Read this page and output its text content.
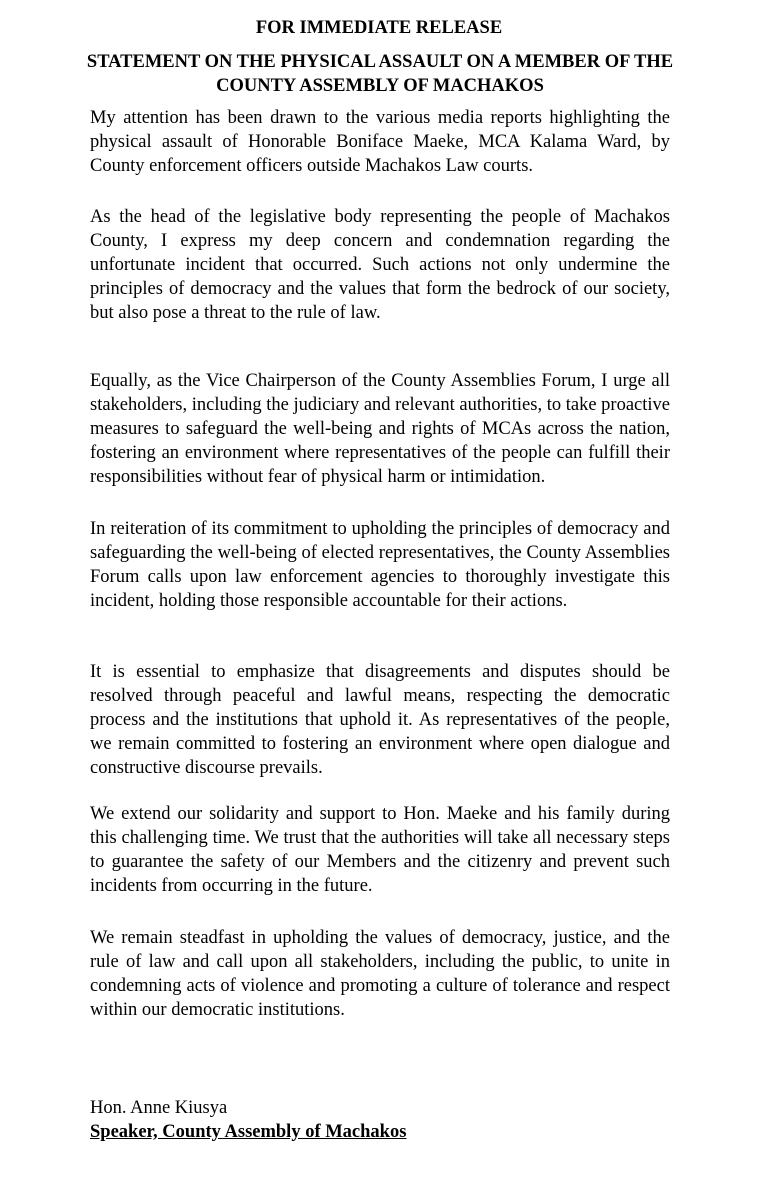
FOR IMMEDIATE RELEASE

STATEMENT ON THE PHYSICAL ASSAULT ON A MEMBER OF THE COUNTY ASSEMBLY OF MACHAKOS

My attention has been drawn to the various media reports highlighting the physical assault of Honorable Boniface Maeke, MCA Kalama Ward, by County enforcement officers outside Machakos Law courts.

As the head of the legislative body representing the people of Machakos County, I express my deep concern and condemnation regarding the unfortunate incident that occurred. Such actions not only undermine the principles of democracy and the values that form the bedrock of our society, but also pose a threat to the rule of law.

Equally, as the Vice Chairperson of the County Assemblies Forum, I urge all stakeholders, including the judiciary and relevant authorities, to take proactive measures to safeguard the well-being and rights of MCAs across the nation, fostering an environment where representatives of the people can fulfill their responsibilities without fear of physical harm or intimidation.

In reiteration of its commitment to upholding the principles of democracy and safeguarding the well-being of elected representatives, the County Assemblies Forum calls upon law enforcement agencies to thoroughly investigate this incident, holding those responsible accountable for their actions.

It is essential to emphasize that disagreements and disputes should be resolved through peaceful and lawful means, respecting the democratic process and the institutions that uphold it. As representatives of the people, we remain committed to fostering an environment where open dialogue and constructive discourse prevails.

We extend our solidarity and support to Hon. Maeke and his family during this challenging time. We trust that the authorities will take all necessary steps to guarantee the safety of our Members and the citizenry and prevent such incidents from occurring in the future.

We remain steadfast in upholding the values of democracy, justice, and the rule of law and call upon all stakeholders, including the public, to unite in condemning acts of violence and promoting a culture of tolerance and respect within our democratic institutions.

Hon. Anne Kiusya
Speaker, County Assembly of Machakos
